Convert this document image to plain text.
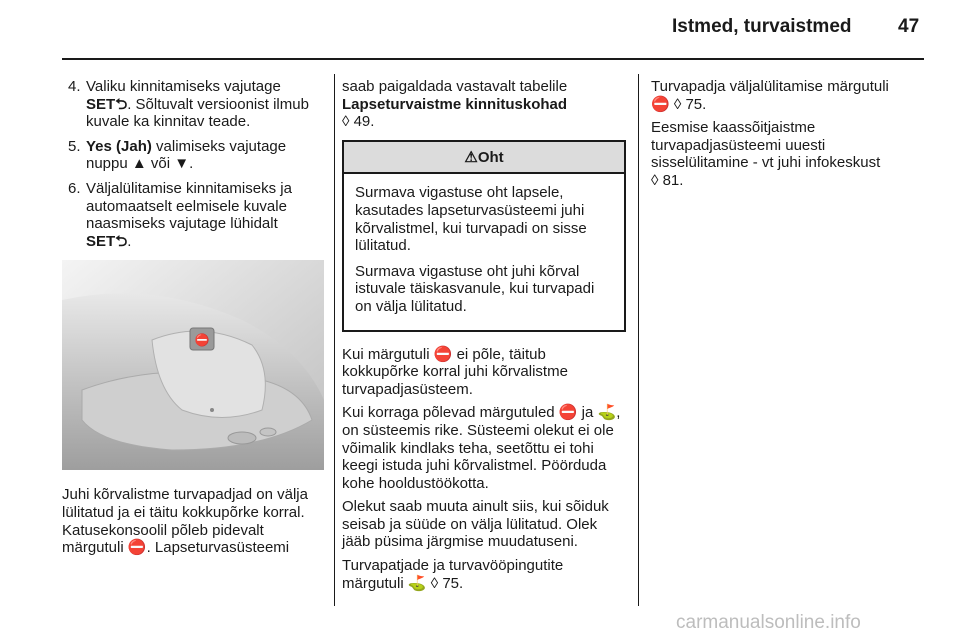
Istmed, turvaistmed 47
4. Valiku kinnitamiseks vajutage SET⮌. Sõltuvalt versioonist ilmub kuvale ka kinnitav teade.
5. Yes (Jah) valimiseks vajutage nuppu ▲ või ▼.
6. Väljalülitamise kinnitamiseks ja automaatselt eelmisele kuvale naasmiseks vajutage lühidalt SET⮌.
⛔

Juhi kõrvalistme turvapadjad on välja lülitatud ja ei täitu kokkupõrke korral. Katusekonsoolil põleb pidevalt märgutuli ⛔. Lapseturvasüsteemi

saab paigaldada vastavalt tabelile
Lapseturvaistme kinnituskohad
◊ 49.

⚠Oht

Surmava vigastuse oht lapsele, kasutades lapseturvasüsteemi juhi kõrvalistmel, kui turvapadi on sisse lülitatud.

Surmava vigastuse oht juhi kõrval istuvale täiskasvanule, kui turvapadi on välja lülitatud.

Kui märgutuli ⛔ ei põle, täitub kokkupõrke korral juhi kõrvalistme turvapadjasüsteem.

Kui korraga põlevad märgutuled ⛔ ja ⛳, on süsteemis rike. Süsteemi olekut ei ole võimalik kindlaks teha, seetõttu ei tohi keegi istuda juhi kõrvalistmel. Pöörduda kohe hooldustöökotta.

Olekut saab muuta ainult siis, kui sõiduk seisab ja süüde on välja lülitatud. Olek jääb püsima järgmise muudatuseni.

Turvapatjade ja turvavööpingutite märgutuli ⛳ ◊ 75.

Turvapadja väljalülitamise märgutuli
⛔ ◊ 75.

Eesmise kaassõitjaistme turvapadjasüsteemi uuesti sisselülitamine - vt juhi infokeskust
◊ 81.

carmanualsonline.info
